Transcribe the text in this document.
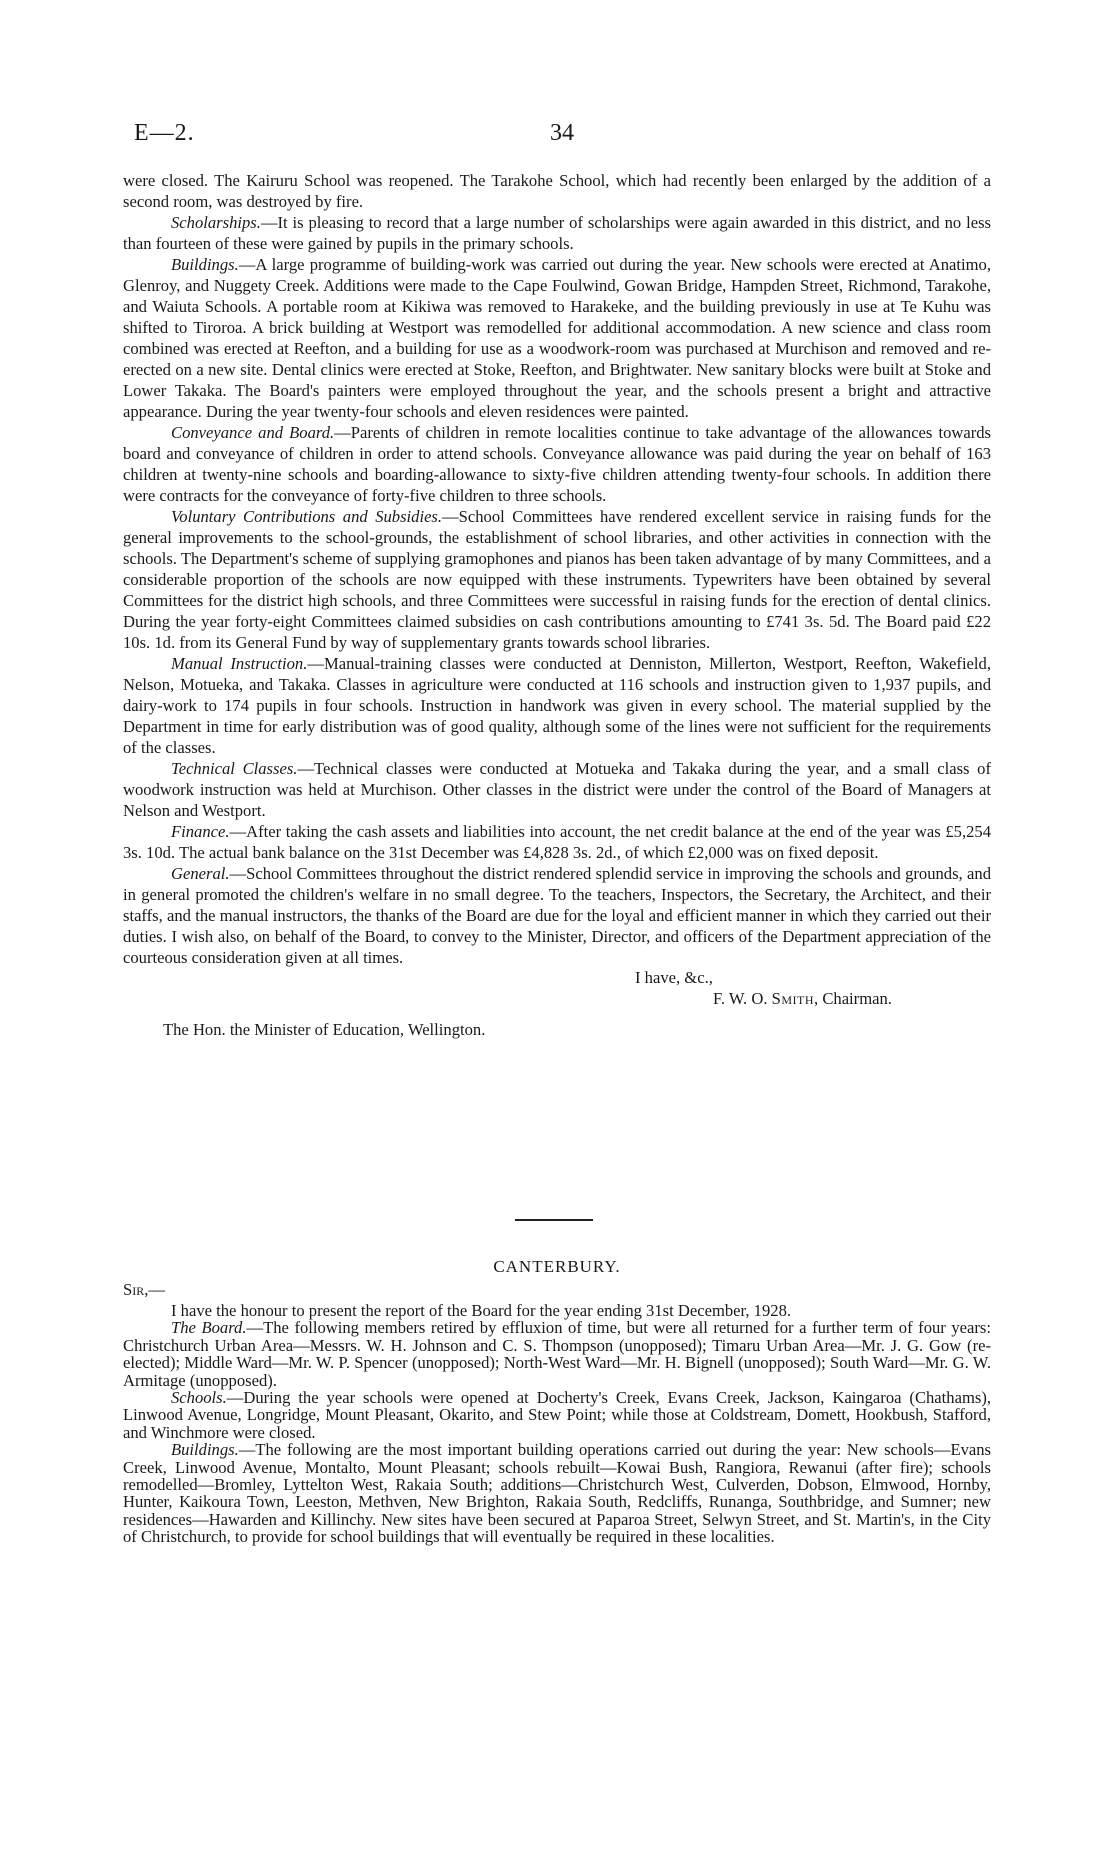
E—2.	34

were closed. The Kairuru School was reopened. The Tarakohe School, which had recently been enlarged by the addition of a second room, was destroyed by fire.

Scholarships.—It is pleasing to record that a large number of scholarships were again awarded in this district, and no less than fourteen of these were gained by pupils in the primary schools.

Buildings.—A large programme of building-work was carried out during the year. New schools were erected at Anatimo, Glenroy, and Nuggety Creek. Additions were made to the Cape Foulwind, Gowan Bridge, Hampden Street, Richmond, Tarakohe, and Waiuta Schools. A portable room at Kikiwa was removed to Harakeke, and the building previously in use at Te Kuhu was shifted to Tiroroa. A brick building at Westport was remodelled for additional accommodation. A new science and class room combined was erected at Reefton, and a building for use as a woodwork-room was purchased at Murchison and removed and re-erected on a new site. Dental clinics were erected at Stoke, Reefton, and Brightwater. New sanitary blocks were built at Stoke and Lower Takaka. The Board's painters were employed throughout the year, and the schools present a bright and attractive appearance. During the year twenty-four schools and eleven residences were painted.

Conveyance and Board.—Parents of children in remote localities continue to take advantage of the allowances towards board and conveyance of children in order to attend schools. Conveyance allowance was paid during the year on behalf of 163 children at twenty-nine schools and boarding-allowance to sixty-five children attending twenty-four schools. In addition there were contracts for the conveyance of forty-five children to three schools.

Voluntary Contributions and Subsidies.—School Committees have rendered excellent service in raising funds for the general improvements to the school-grounds, the establishment of school libraries, and other activities in connection with the schools. The Department's scheme of supplying gramophones and pianos has been taken advantage of by many Committees, and a considerable proportion of the schools are now equipped with these instruments. Typewriters have been obtained by several Committees for the district high schools, and three Committees were successful in raising funds for the erection of dental clinics. During the year forty-eight Committees claimed subsidies on cash contributions amounting to £741 3s. 5d. The Board paid £22 10s. 1d. from its General Fund by way of supplementary grants towards school libraries.

Manual Instruction.—Manual-training classes were conducted at Denniston, Millerton, Westport, Reefton, Wakefield, Nelson, Motueka, and Takaka. Classes in agriculture were conducted at 116 schools and instruction given to 1,937 pupils, and dairy-work to 174 pupils in four schools. Instruction in handwork was given in every school. The material supplied by the Department in time for early distribution was of good quality, although some of the lines were not sufficient for the requirements of the classes.

Technical Classes.—Technical classes were conducted at Motueka and Takaka during the year, and a small class of woodwork instruction was held at Murchison. Other classes in the district were under the control of the Board of Managers at Nelson and Westport.

Finance.—After taking the cash assets and liabilities into account, the net credit balance at the end of the year was £5,254 3s. 10d. The actual bank balance on the 31st December was £4,828 3s. 2d., of which £2,000 was on fixed deposit.

General.—School Committees throughout the district rendered splendid service in improving the schools and grounds, and in general promoted the children's welfare in no small degree. To the teachers, Inspectors, the Secretary, the Architect, and their staffs, and the manual instructors, the thanks of the Board are due for the loyal and efficient manner in which they carried out their duties. I wish also, on behalf of the Board, to convey to the Minister, Director, and officers of the Department appreciation of the courteous consideration given at all times.

I have, &c.,
F. W. O. Smith, Chairman.
The Hon. the Minister of Education, Wellington.
CANTERBURY.
Sir,—

I have the honour to present the report of the Board for the year ending 31st December, 1928.

The Board.—The following members retired by effluxion of time, but were all returned for a further term of four years: Christchurch Urban Area—Messrs. W. H. Johnson and C. S. Thompson (unopposed); Timaru Urban Area—Mr. J. G. Gow (re-elected); Middle Ward—Mr. W. P. Spencer (unopposed); North-West Ward—Mr. H. Bignell (unopposed); South Ward—Mr. G. W. Armitage (unopposed).

Schools.—During the year schools were opened at Docherty's Creek, Evans Creek, Jackson, Kaingaroa (Chathams), Linwood Avenue, Longridge, Mount Pleasant, Okarito, and Stew Point; while those at Coldstream, Domett, Hookbush, Stafford, and Winchmore were closed.

Buildings.—The following are the most important building operations carried out during the year: New schools—Evans Creek, Linwood Avenue, Montalto, Mount Pleasant; schools rebuilt—Kowai Bush, Rangiora, Rewanui (after fire); schools remodelled—Bromley, Lyttelton West, Rakaia South; additions—Christchurch West, Culverden, Dobson, Elmwood, Hornby, Hunter, Kaikoura Town, Leeston, Methven, New Brighton, Rakaia South, Redcliffs, Runanga, Southbridge, and Sumner; new residences—Hawarden and Killinchy. New sites have been secured at Paparoa Street, Selwyn Street, and St. Martin's, in the City of Christchurch, to provide for school buildings that will eventually be required in these localities.
